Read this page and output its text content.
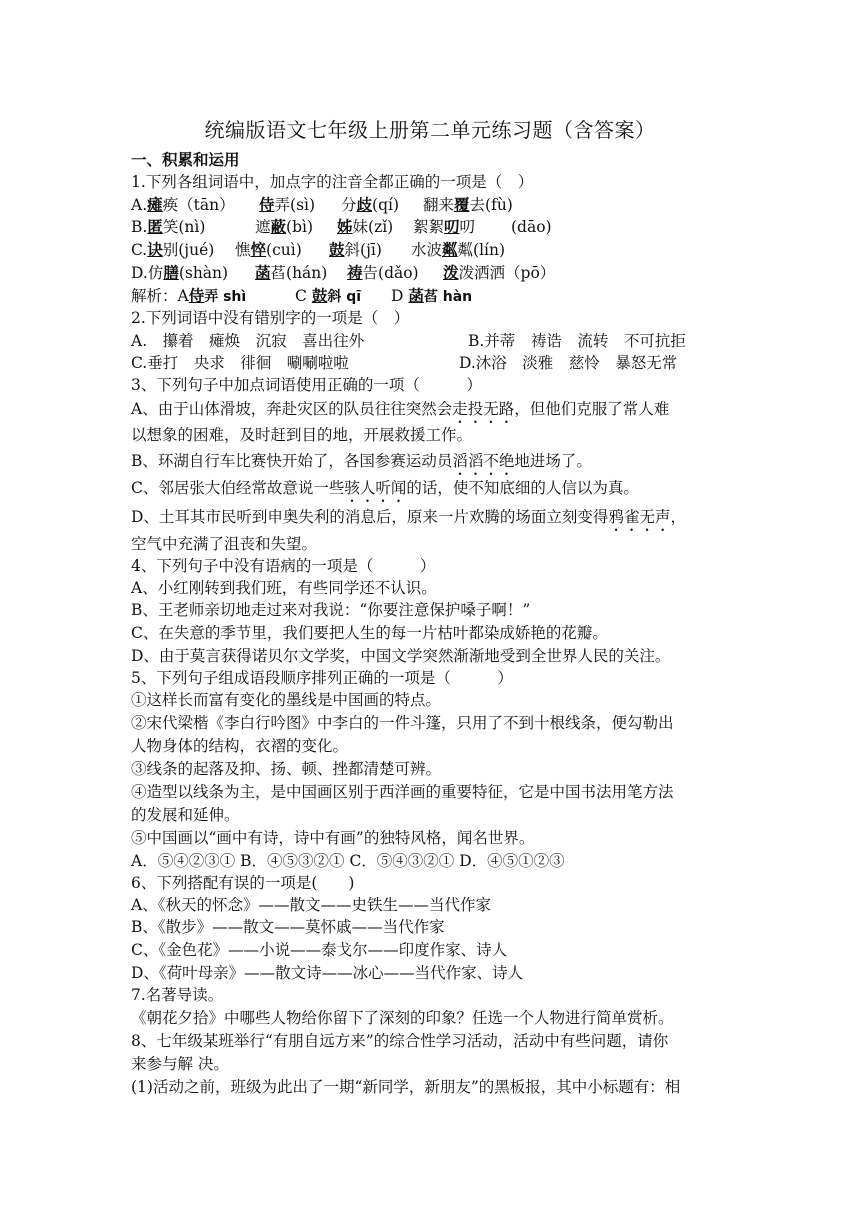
统编版语文七年级上册第二单元练习题（含答案）
一、积累和运用
1.下列各组词语中，加点字的注音全都正确的一项是（　）
A.瘫痪（tān） 侍弄(sì) 分歧(qí) 翻来覆去(fù)
B.匿笑(nì)	遮蔽(bì) 姊妹(zǐ) 絮絮叨叨 (dāo)
C.诀别(jué) 憔悴(cuì) 鼓斜(jī) 水波粼粼(lín)
D.仿膳(shàn) 菡萏(hán) 祷告(dǎo) 泼泼洒洒（pō）
解析：A侍弄 shì	C 鼓斜 qī D 菡萏 hàn
2.下列词语中没有错别字的一项是（　）
A.　攥着　瘫焕　沉寂　喜出往外	B.并蒂　祷诰　流转　不可抗拒
C.垂打　央求　徘徊　唰唰啦啦	D.沐浴　淡雅　慈怜　暴怒无常
3、下列句子中加点词语使用正确的一项（　　　）
A、由于山体滑坡，奔赴灾区的队员往往突然会走投无路，但他们克服了常人难
以想象的困难，及时赶到目的地，开展救援工作。
B、环湖自行车比赛快开始了，各国参赛运动员滔滔不绝地进场了。
C、邻居张大伯经常故意说一些骇人听闻的话，使不知底细的人信以为真。
D、土耳其市民听到申奥失利的消息后，原来一片欢腾的场面立刻变得鸦雀无声，
空气中充满了沮丧和失望。
4、下列句子中没有语病的一项是（　　　）
A、小红刚转到我们班，有些同学还不认识。
B、王老师亲切地走过来对我说：“你要注意保护嗓子啊！”
C、在失意的季节里，我们要把人生的每一片枯叶都染成娇艳的花瓣。
D、由于莫言获得诺贝尔文学奖，中国文学突然渐渐地受到全世界人民的关注。
5、下列句子组成语段顺序排列正确的一项是（　　　）
①这样长而富有变化的墨线是中国画的特点。
②宋代梁楷《李白行吟图》中李白的一件斗篷，只用了不到十根线条，便勾勒出
人物身体的结构，衣褶的变化。
③线条的起落及抑、扬、顿、挫都清楚可辨。
④造型以线条为主，是中国画区别于西洋画的重要特征，它是中国书法用笔方法
的发展和延伸。
⑤中国画以“画中有诗，诗中有画”的独特风格，闻名世界。
A．⑤④②③① B．④⑤③②① C．⑤④③②① D．④⑤①②③
6、下列搭配有误的一项是(　　)
A、《秋天的怀念》——散文——史铁生——当代作家
B、《散步》——散文——莫怀戚——当代作家
C、《金色花》——小说——泰戈尔——印度作家、诗人
D、《荷叶母亲》——散文诗——冰心——当代作家、诗人
7.名著导读。
《朝花夕拾》中哪些人物给你留下了深刻的印象？任选一个人物进行简单赏析。
8、七年级某班举行“有朋自远方来”的综合性学习活动，活动中有些问题，请你
来参与解 决。
(1)活动之前，班级为此出了一期“新同学，新朋友”的黑板报，其中小标题有：相
